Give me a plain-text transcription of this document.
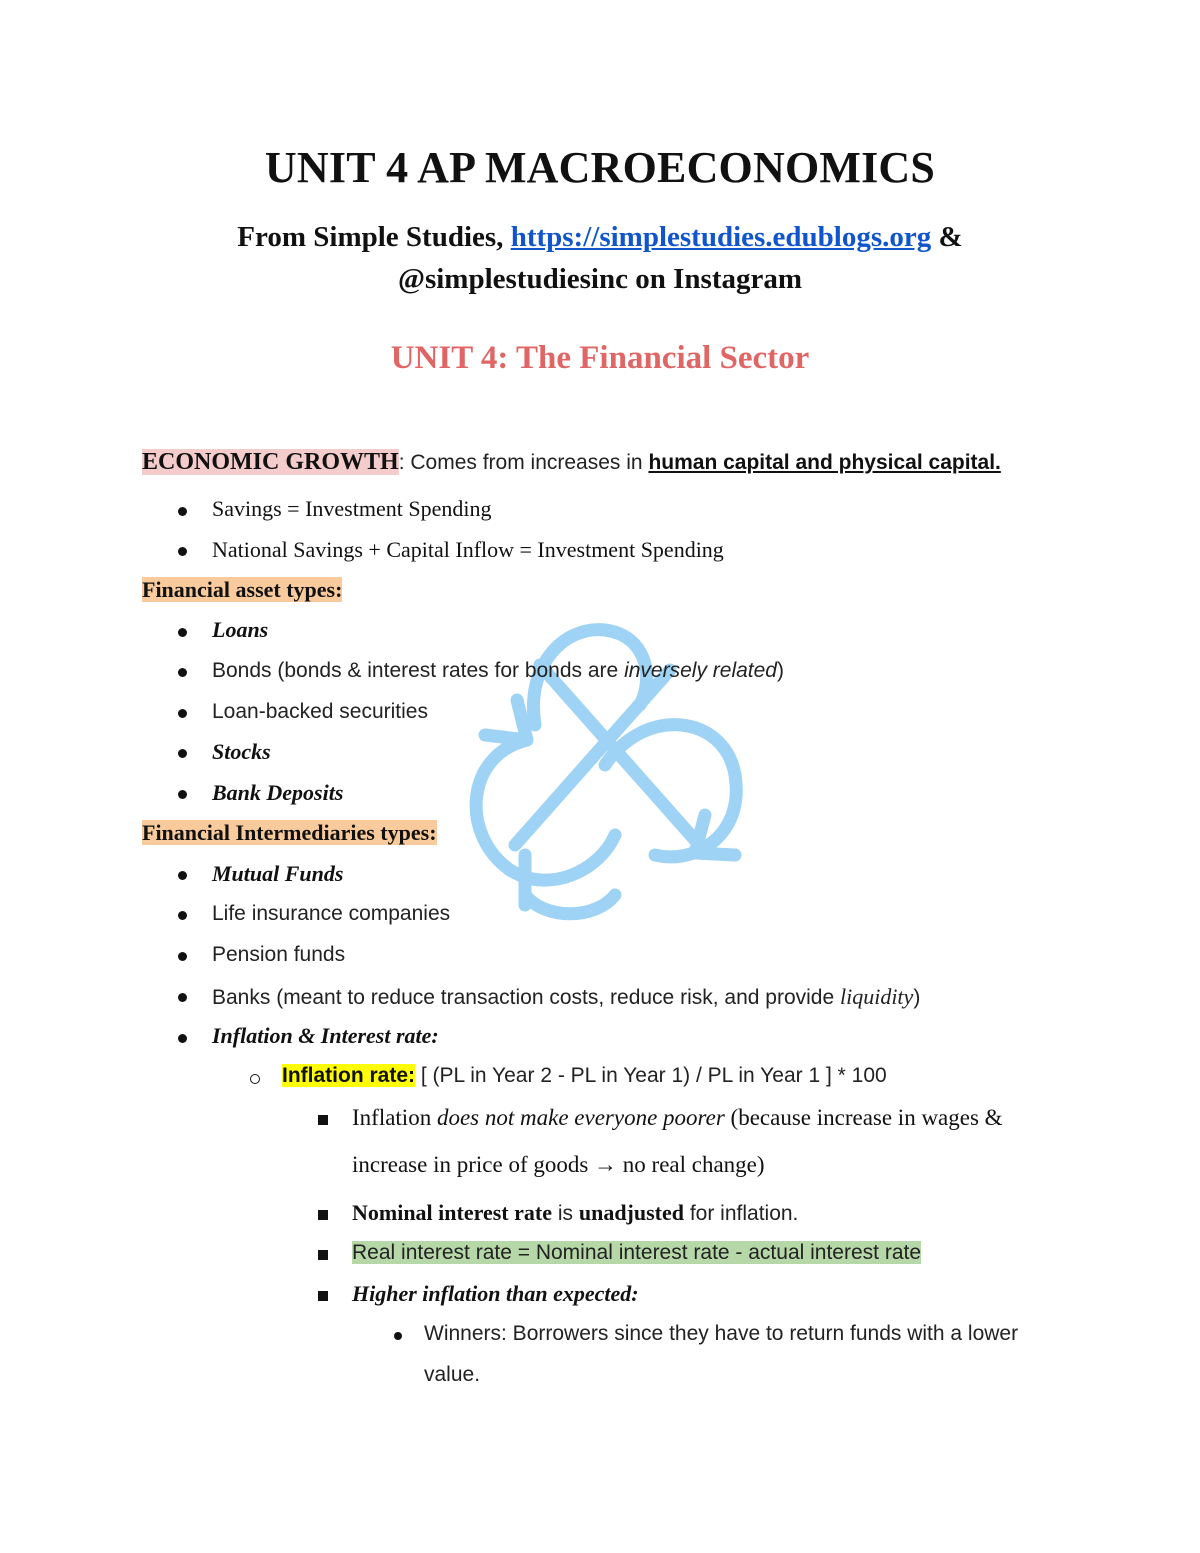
UNIT 4 AP MACROECONOMICS
From Simple Studies, https://simplestudies.edublogs.org &
@simplestudiesinc on Instagram
UNIT 4: The Financial Sector
ECONOMIC GROWTH: Comes from increases in human capital and physical capital.
Savings = Investment Spending
National Savings + Capital Inflow = Investment Spending
Financial asset types:
Loans
Bonds (bonds & interest rates for bonds are inversely related)
Loan-backed securities
Stocks
Bank Deposits
Financial Intermediaries types:
Mutual Funds
Life insurance companies
Pension funds
Banks (meant to reduce transaction costs, reduce risk, and provide liquidity)
Inflation & Interest rate:
Inflation rate: [ (PL in Year 2 - PL in Year 1) / PL in Year 1 ] * 100
Inflation does not make everyone poorer (because increase in wages &
increase in price of goods → no real change)
Nominal interest rate is unadjusted for inflation.
Real interest rate = Nominal interest rate - actual interest rate
Higher inflation than expected:
Winners: Borrowers since they have to return funds with a lower
value.
